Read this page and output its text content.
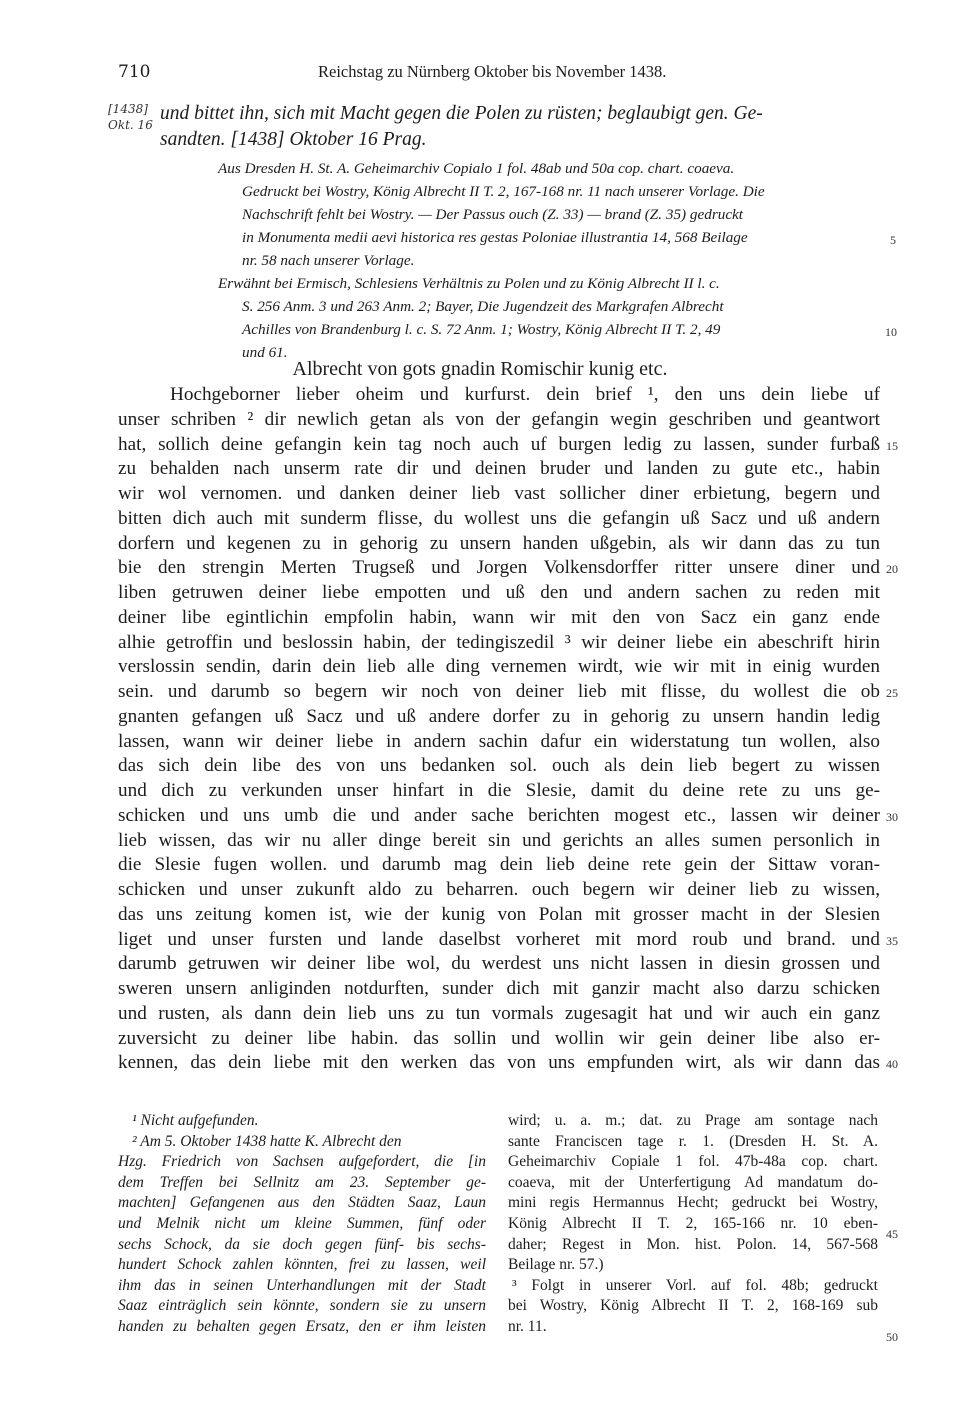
710	Reichstag zu Nürnberg Oktober bis November 1438.
[1438]
Okt. 16
und bittet ihn, sich mit Macht gegen die Polen zu rüsten; beglaubigt gen. Ge-
sandten. [1438] Oktober 16 Prag.
Aus Dresden H. St. A. Geheimarchiv Copialo 1 fol. 48ab und 50a cop. chart. coaeva.
Gedruckt bei Wostry, König Albrecht II T. 2, 167-168 nr. 11 nach unserer Vorlage. Die
Nachschrift fehlt bei Wostry. — Der Passus ouch (Z. 33) — brand (Z. 35) gedruckt
in Monumenta medii aevi historica res gestas Poloniae illustrantia 14, 568 Beilage
nr. 58 nach unserer Vorlage.
Erwähnt bei Ermisch, Schlesiens Verhältnis zu Polen und zu König Albrecht II l. c.
S. 256 Anm. 3 und 263 Anm. 2; Bayer, Die Jugendzeit des Markgrafen Albrecht
Achilles von Brandenburg l. c. S. 72 Anm. 1; Wostry, König Albrecht II T. 2, 49
und 61.
5
10
Albrecht von gots gnadin Romischir kunig etc.
Hochgeborner lieber oheim und kurfurst. dein brief ¹, den uns dein liebe uf
unser schriben ² dir newlich getan als von der gefangin wegin geschriben und geantwort
hat, sollich deine gefangin kein tag noch auch uf burgen ledig zu lassen, sunder furbaß 15
zu behalden nach unserm rate dir und deinen bruder und landen zu gute etc., habin
wir wol vernomen. und danken deiner lieb vast sollicher diner erbietung, begern und
bitten dich auch mit sunderm flisse, du wollest uns die gefangin uß Sacz und uß andern
dorfern und kegenen zu in gehorig zu unsern handen ußgebin, als wir dann das zu tun
bie den strengin Merten Trugseß und Jorgen Volkensdorffer ritter unsere diner und 20
liben getruwen deiner liebe empotten und uß den und andern sachen zu reden mit
deiner libe egintlichin empfolin habin, wann wir mit den von Sacz ein ganz ende
alhie getroffin und beslossin habin, der tedingiszedil ³ wir deiner liebe ein abeschrift hirin
verslossin sendin, darin dein lieb alle ding vernemen wirdt, wie wir mit in einig wurden
sein. und darumb so begern wir noch von deiner lieb mit flisse, du wollest die ob 25
gnanten gefangen uß Sacz und uß andere dorfer zu in gehorig zu unsern handin ledig
lassen, wann wir deiner liebe in andern sachin dafur ein widerstatung tun wollen, also
das sich dein libe des von uns bedanken sol. ouch als dein lieb begert zu wissen
und dich zu verkunden unser hinfart in die Slesie, damit du deine rete zu uns ge-
schicken und uns umb die und ander sache berichten mogest etc., lassen wir deiner 30
lieb wissen, das wir nu aller dinge bereit sin und gerichts an alles sumen personlich in
die Slesie fugen wollen. und darumb mag dein lieb deine rete gein der Sittaw voran-
schicken und unser zukunft aldo zu beharren. ouch begern wir deiner lieb zu wissen,
das uns zeitung komen ist, wie der kunig von Polan mit grosser macht in der Slesien
liget und unser fursten und lande daselbst vorheret mit mord roub und brand. und 35
darumb getruwen wir deiner libe wol, du werdest uns nicht lassen in diesin grossen und
sweren unsern anliginden notdurften, sunder dich mit ganzir macht also darzu schicken
und rusten, als dann dein lieb uns zu tun vormals zugesagit hat und wir auch ein ganz
zuversicht zu deiner libe habin. das sollin und wollin wir gein deiner libe also er-
kennen, das dein liebe mit den werken das von uns empfunden wirt, als wir dann das 40
¹ Nicht aufgefunden.
² Am 5. Oktober 1438 hatte K. Albrecht den
Hzg. Friedrich von Sachsen aufgefordert, die [in
dem Treffen bei Sellnitz am 23. September ge-
machten] Gefangenen aus den Städten Saaz, Laun
und Melnik nicht um kleine Summen, fünf oder
sechs Schock, da sie doch gegen fünf- bis sechs-
hundert Schock zahlen könnten, frei zu lassen, weil
ihm das in seinen Unterhandlungen mit der Stadt
Saaz einträglich sein könnte, sondern sie zu unsern
handen zu behalten gegen Ersatz, den er ihm leisten
wird; u. a. m.; dat. zu Prage am sontage nach
sante Franciscen tage r. 1. (Dresden H. St. A.
Geheimarchiv Copiale 1 fol. 47b-48a cop. chart.
coaeva, mit der Unterfertigung Ad mandatum do-
mini regis Hermannus Hecht; gedruckt bei Wostry,
König Albrecht II T. 2, 165-166 nr. 10 eben-
daher; Regest in Mon. hist. Polon. 14, 567-568
Beilage nr. 57.)
³ Folgt in unserer Vorl. auf fol. 48b; gedruckt
bei Wostry, König Albrecht II T. 2, 168-169 sub
nr. 11.
45
50
